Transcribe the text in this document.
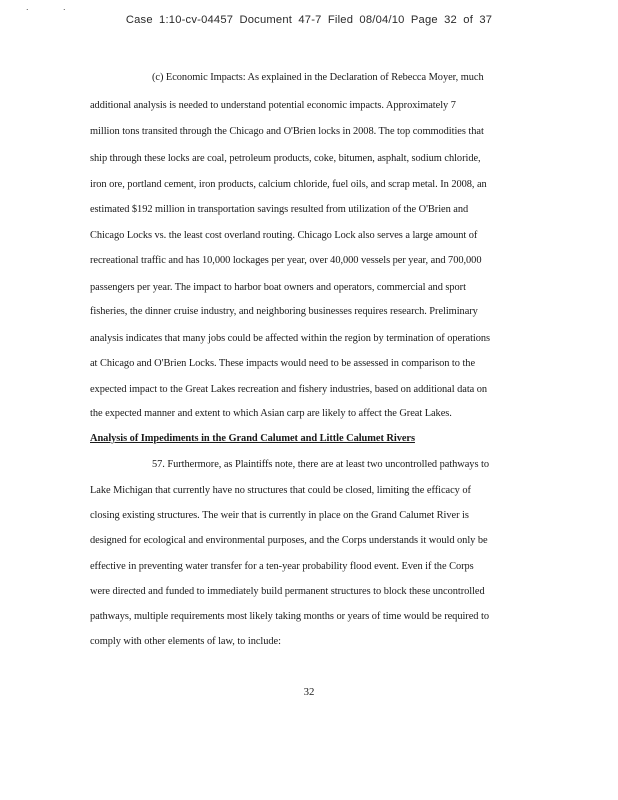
. .
Case 1:10-cv-04457 Document 47-7 Filed 08/04/10 Page 32 of 37
(c) Economic Impacts: As explained in the Declaration of Rebecca Moyer, much
additional analysis is needed to understand potential economic impacts. Approximately 7
million tons transited through the Chicago and O'Brien locks in 2008. The top commodities that
ship through these locks are coal, petroleum products, coke, bitumen, asphalt, sodium chloride,
iron ore, portland cement, iron products, calcium chloride, fuel oils, and scrap metal. In 2008, an
estimated $192 million in transportation savings resulted from utilization of the O'Brien and
Chicago Locks vs. the least cost overland routing. Chicago Lock also serves a large amount of
recreational traffic and has 10,000 lockages per year, over 40,000 vessels per year, and 700,000
passengers per year. The impact to harbor boat owners and operators, commercial and sport
fisheries, the dinner cruise industry, and neighboring businesses requires research. Preliminary
analysis indicates that many jobs could be affected within the region by termination of operations
at Chicago and O'Brien Locks. These impacts would need to be assessed in comparison to the
expected impact to the Great Lakes recreation and fishery industries, based on additional data on
the expected manner and extent to which Asian carp are likely to affect the Great Lakes.
Analysis of Impediments in the Grand Calumet and Little Calumet Rivers
57. Furthermore, as Plaintiffs note, there are at least two uncontrolled pathways to
Lake Michigan that currently have no structures that could be closed, limiting the efficacy of
closing existing structures. The weir that is currently in place on the Grand Calumet River is
designed for ecological and environmental purposes, and the Corps understands it would only be
effective in preventing water transfer for a ten-year probability flood event. Even if the Corps
were directed and funded to immediately build permanent structures to block these uncontrolled
pathways, multiple requirements most likely taking months or years of time would be required to
comply with other elements of law, to include:
32
